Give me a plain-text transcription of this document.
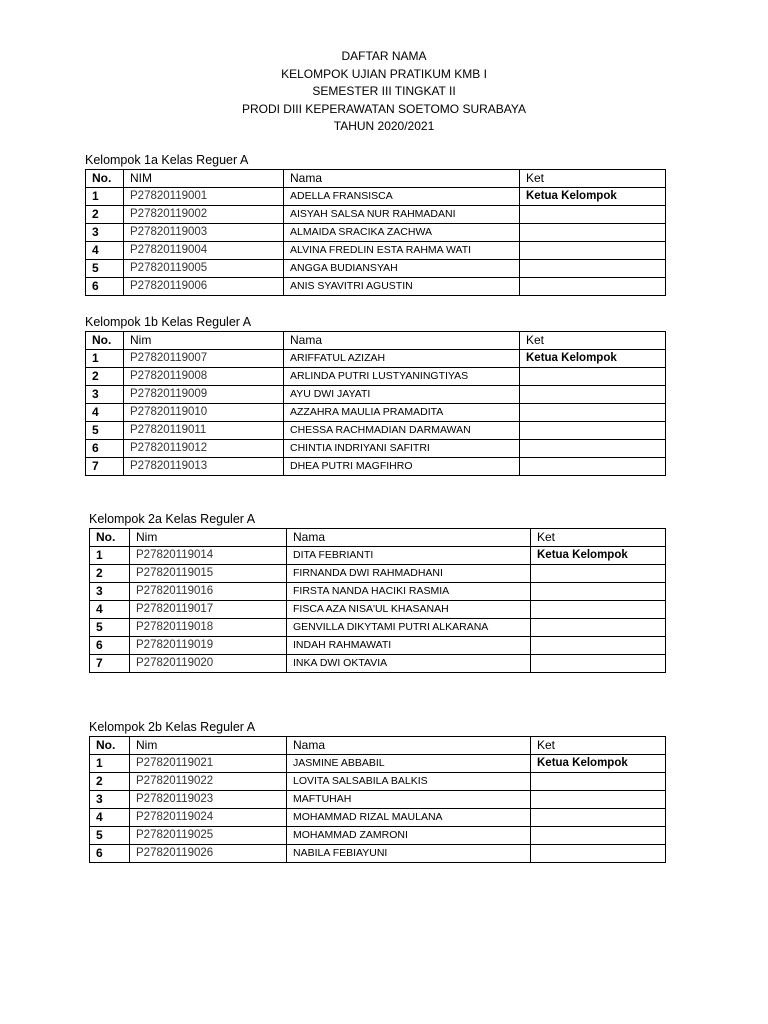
DAFTAR NAMA
KELOMPOK UJIAN PRATIKUM KMB I
SEMESTER III TINGKAT II
PRODI DIII KEPERAWATAN SOETOMO SURABAYA
TAHUN 2020/2021
Kelompok 1a Kelas Reguer A
No.	NIM	Nama	Ket
1	P27820119001	ADELLA FRANSISCA	Ketua Kelompok
2	P27820119002	AISYAH SALSA NUR RAHMADANI	
3	P27820119003	ALMAIDA SRACIKA ZACHWA	
4	P27820119004	ALVINA FREDLIN ESTA RAHMA WATI	
5	P27820119005	ANGGA BUDIANSYAH	
6	P27820119006	ANIS SYAVITRI AGUSTIN	
Kelompok 1b Kelas Reguler A
No.	Nim	Nama	Ket
1	P27820119007	ARIFFATUL AZIZAH	Ketua Kelompok
2	P27820119008	ARLINDA PUTRI LUSTYANINGTIYAS	
3	P27820119009	AYU DWI JAYATI	
4	P27820119010	AZZAHRA MAULIA PRAMADITA	
5	P27820119011	CHESSA RACHMADIAN DARMAWAN	
6	P27820119012	CHINTIA INDRIYANI SAFITRI	
7	P27820119013	DHEA PUTRI MAGFIHRO	
Kelompok 2a Kelas Reguler A
No.	Nim	Nama	Ket
1	P27820119014	DITA FEBRIANTI	Ketua Kelompok
2	P27820119015	FIRNANDA DWI RAHMADHANI	
3	P27820119016	FIRSTA NANDA HACIKI RASMIA	
4	P27820119017	FISCA AZA NISA'UL KHASANAH	
5	P27820119018	GENVILLA DIKYTAMI PUTRI ALKARANA	
6	P27820119019	INDAH RAHMAWATI	
7	P27820119020	INKA DWI OKTAVIA	
Kelompok 2b Kelas Reguler A
No.	Nim	Nama	Ket
1	P27820119021	JASMINE ABBABIL	Ketua Kelompok
2	P27820119022	LOVITA SALSABILA BALKIS	
3	P27820119023	MAFTUHAH	
4	P27820119024	MOHAMMAD RIZAL MAULANA	
5	P27820119025	MOHAMMAD ZAMRONI	
6	P27820119026	NABILA FEBIAYUNI	
